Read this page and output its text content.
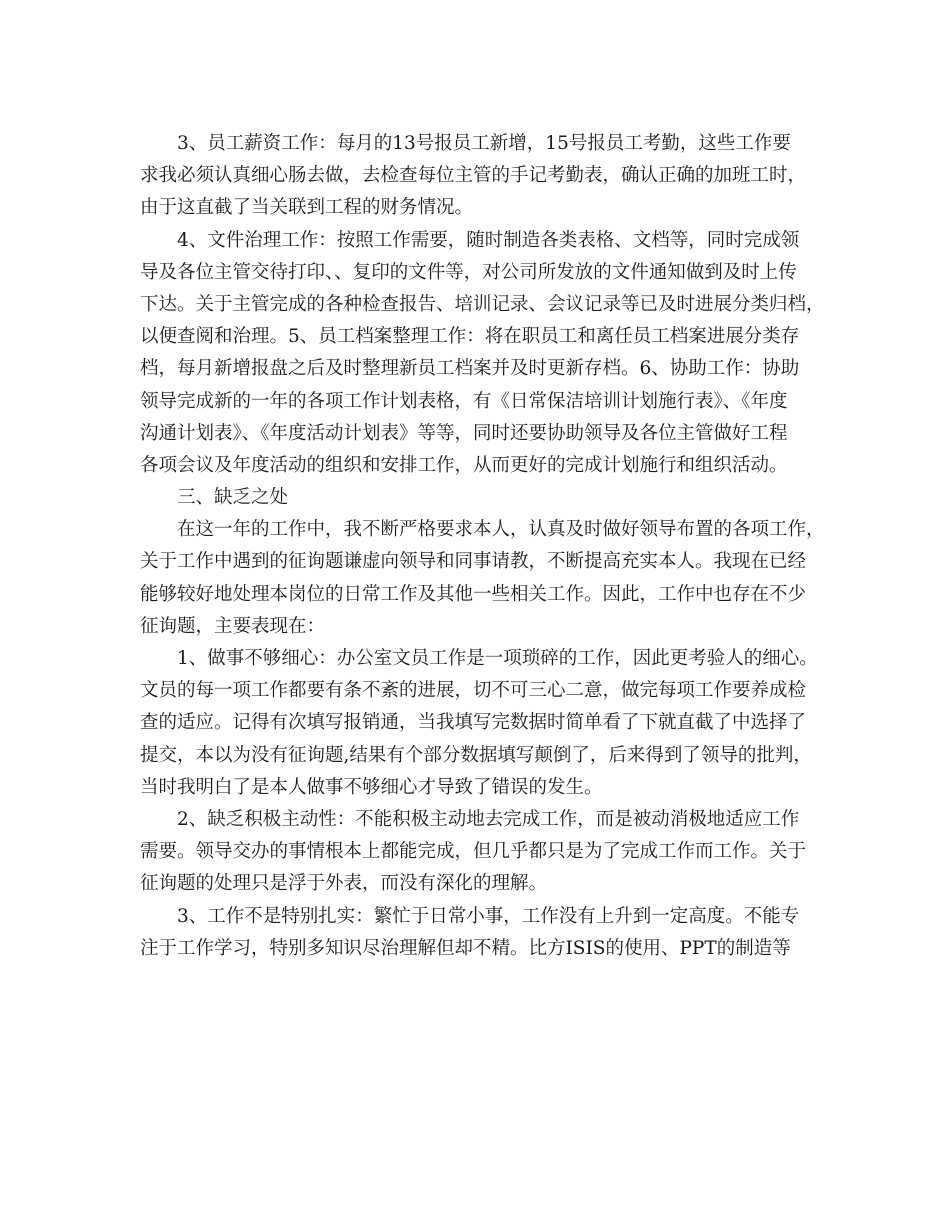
3、员工薪资工作：每月的13号报员工新增，15号报员工考勤，这些工作要
求我必须认真细心肠去做，去检查每位主管的手记考勤表，确认正确的加班工时，
由于这直截了当关联到工程的财务情况。
4、文件治理工作：按照工作需要，随时制造各类表格、文档等，同时完成领
导及各位主管交待打印、、复印的文件等，对公司所发放的文件通知做到及时上传
下达。关于主管完成的各种检查报告、培训记录、会议记录等已及时进展分类归档，
以便查阅和治理。5、员工档案整理工作：将在职员工和离任员工档案进展分类存
档，每月新增报盘之后及时整理新员工档案并及时更新存档。6、协助工作：协助
领导完成新的一年的各项工作计划表格，有《日常保洁培训计划施行表》、《年度
沟通计划表》、《年度活动计划表》等等，同时还要协助领导及各位主管做好工程
各项会议及年度活动的组织和安排工作，从而更好的完成计划施行和组织活动。
三、缺乏之处
在这一年的工作中，我不断严格要求本人，认真及时做好领导布置的各项工作，
关于工作中遇到的征询题谦虚向领导和同事请教，不断提高充实本人。我现在已经
能够较好地处理本岗位的日常工作及其他一些相关工作。因此，工作中也存在不少
征询题，主要表现在：
1、做事不够细心：办公室文员工作是一项琐碎的工作，因此更考验人的细心。
文员的每一项工作都要有条不紊的进展，切不可三心二意，做完每项工作要养成检
查的适应。记得有次填写报销通，当我填写完数据时简单看了下就直截了中选择了
提交，本以为没有征询题,结果有个部分数据填写颠倒了，后来得到了领导的批判，
当时我明白了是本人做事不够细心才导致了错误的发生。
2、缺乏积极主动性：不能积极主动地去完成工作，而是被动消极地适应工作
需要。领导交办的事情根本上都能完成，但几乎都只是为了完成工作而工作。关于
征询题的处理只是浮于外表，而没有深化的理解。
3、工作不是特别扎实：繁忙于日常小事，工作没有上升到一定高度。不能专
注于工作学习，特别多知识尽治理解但却不精。比方ISIS的使用、PPT的制造等
